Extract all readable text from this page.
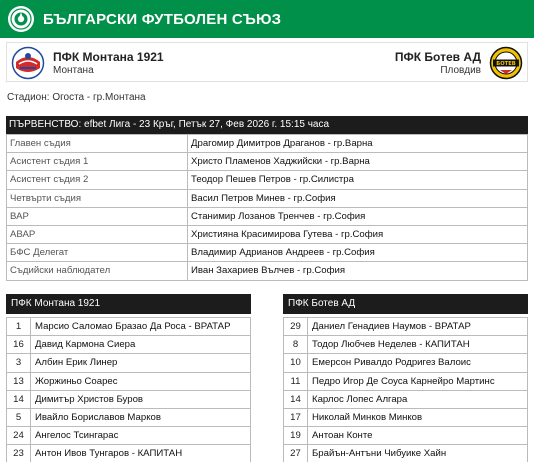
БЪЛГАРСКИ ФУТБОЛЕН СЪЮЗ
ПФК Монтана 1921
Монтана
ПФК Ботев АД
Пловдив
БОТЕВ
Стадион: Огоста - гр.Монтана
ПЪРВЕНСТВО: efbet Лига - 23 Кръг, Петък 27, Фев 2026 г. 15:15 часа
Главен съдия	Драгомир Димитров Драганов - гр.Варна
Асистент съдия 1	Христо Пламенов Хаджийски - гр.Варна
Асистент съдия 2	Теодор Пешев Петров - гр.Силистра
Четвърти съдия	Васил Петров Минев - гр.София
ВАР	Станимир Лозанов Тренчев - гр.София
АВАР	Християна Красимирова Гутева - гр.София
БФС Делегат	Владимир Адрианов Андреев - гр.София
Съдийски наблюдател	Иван Захариев Вълчев - гр.София
ПФК Монтана 1921
1	Марсио Саломао Бразао Да Роса - ВРАТАР
16	Давид Кармона Сиера
3	Албин Ерик Линер
13	Жоржиньо Соарес
14	Димитър Христов Буров
5	Ивайло Бориславов Марков
24	Ангелос Тсингарас
23	Антон Ивов Тунгаров - КАПИТАН
ПФК Ботев АД
29	Даниел Генадиев Наумов - ВРАТАР
8	Тодор Любчев Неделев - КАПИТАН
10	Емерсон Ривалдо Родригез Валоис
11	Педро Игор Де Соуса Карнейро Мартинс
14	Карлос Лопес Алгара
17	Николай Минков Минков
19	Антоан Конте
27	Брайън-Антъни Чибуике Хайн
